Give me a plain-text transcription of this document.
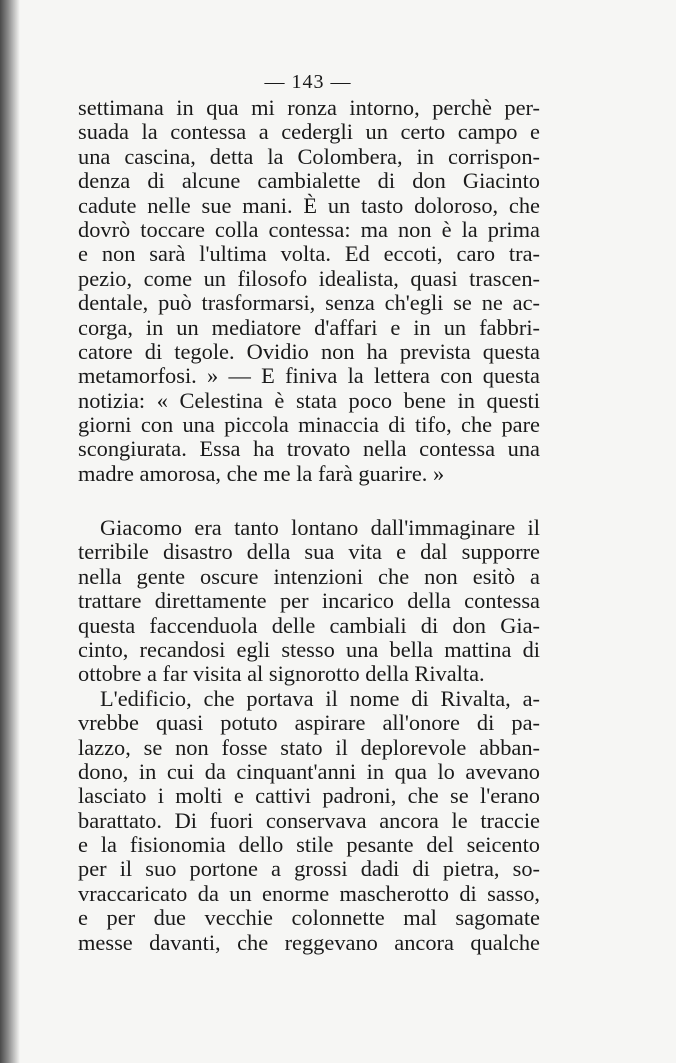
— 143 —
settimana in qua mi ronza intorno, perchè per-
suada la contessa a cedergli un certo campo e
una cascina, detta la Colombera, in corrispon-
denza di alcune cambialette di don Giacinto
cadute nelle sue mani. È un tasto doloroso, che
dovrò toccare colla contessa: ma non è la prima
e non sarà l'ultima volta. Ed eccoti, caro tra-
pezio, come un filosofo idealista, quasi trascen-
dentale, può trasformarsi, senza ch'egli se ne ac-
corga, in un mediatore d'affari e in un fabbri-
catore di tegole. Ovidio non ha prevista questa
metamorfosi. » — E finiva la lettera con questa
notizia: « Celestina è stata poco bene in questi
giorni con una piccola minaccia di tifo, che pare
scongiurata. Essa ha trovato nella contessa una
madre amorosa, che me la farà guarire. »
Giacomo era tanto lontano dall'immaginare il
terribile disastro della sua vita e dal supporre
nella gente oscure intenzioni che non esitò a
trattare direttamente per incarico della contessa
questa faccenduola delle cambiali di don Gia-
cinto, recandosi egli stesso una bella mattina di
ottobre a far visita al signorotto della Rivalta.
L'edificio, che portava il nome di Rivalta, a-
vrebbe quasi potuto aspirare all'onore di pa-
lazzo, se non fosse stato il deplorevole abban-
dono, in cui da cinquant'anni in qua lo avevano
lasciato i molti e cattivi padroni, che se l'erano
barattato. Di fuori conservava ancora le traccie
e la fisionomia dello stile pesante del seicento
per il suo portone a grossi dadi di pietra, so-
vraccaricato da un enorme mascherotto di sasso,
e per due vecchie colonnette mal sagomate
messe davanti, che reggevano ancora qualche
